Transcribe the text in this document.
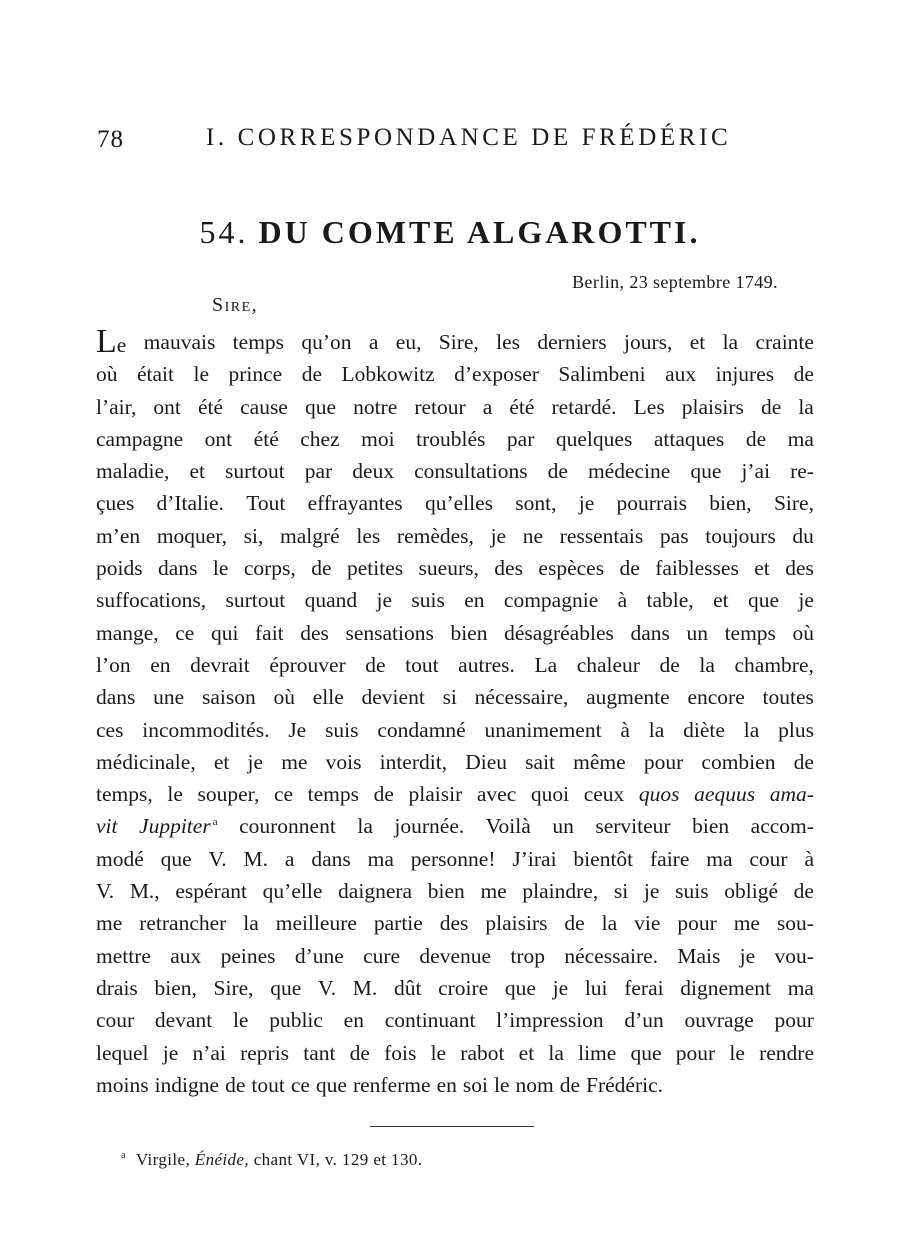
78	I. CORRESPONDANCE DE FRÉDÉRIC
54. DU COMTE ALGAROTTI.
Berlin, 23 septembre 1749.
Sire,
Le mauvais temps qu’on a eu, Sire, les derniers jours, et la crainte
où était le prince de Lobkowitz d’exposer Salimbeni aux injures de
l’air, ont été cause que notre retour a été retardé. Les plaisirs de la
campagne ont été chez moi troublés par quelques attaques de ma
maladie, et surtout par deux consultations de médecine que j’ai re-
çues d’Italie. Tout effrayantes qu’elles sont, je pourrais bien, Sire,
m’en moquer, si, malgré les remèdes, je ne ressentais pas toujours du
poids dans le corps, de petites sueurs, des espèces de faiblesses et des
suffocations, surtout quand je suis en compagnie à table, et que je
mange, ce qui fait des sensations bien désagréables dans un temps où
l’on en devrait éprouver de tout autres. La chaleur de la chambre,
dans une saison où elle devient si nécessaire, augmente encore toutes
ces incommodités. Je suis condamné unanimement à la diète la plus
médicinale, et je me vois interdit, Dieu sait même pour combien de
temps, le souper, ce temps de plaisir avec quoi ceux quos aequus ama-
vit Juppiter $^a$ couronnent la journée. Voilà un serviteur bien accom-
modé que V. M. a dans ma personne! J’irai bientôt faire ma cour à
V. M., espérant qu’elle daignera bien me plaindre, si je suis obligé de
me retrancher la meilleure partie des plaisirs de la vie pour me sou-
mettre aux peines d’une cure devenue trop nécessaire. Mais je vou-
drais bien, Sire, que V. M. dût croire que je lui ferai dignement ma
cour devant le public en continuant l’impression d’un ouvrage pour
lequel je n’ai repris tant de fois le rabot et la lime que pour le rendre
moins indigne de tout ce que renferme en soi le nom de Frédéric.
$^a$ Virgile, Énéide, chant VI, v. 129 et 130.
